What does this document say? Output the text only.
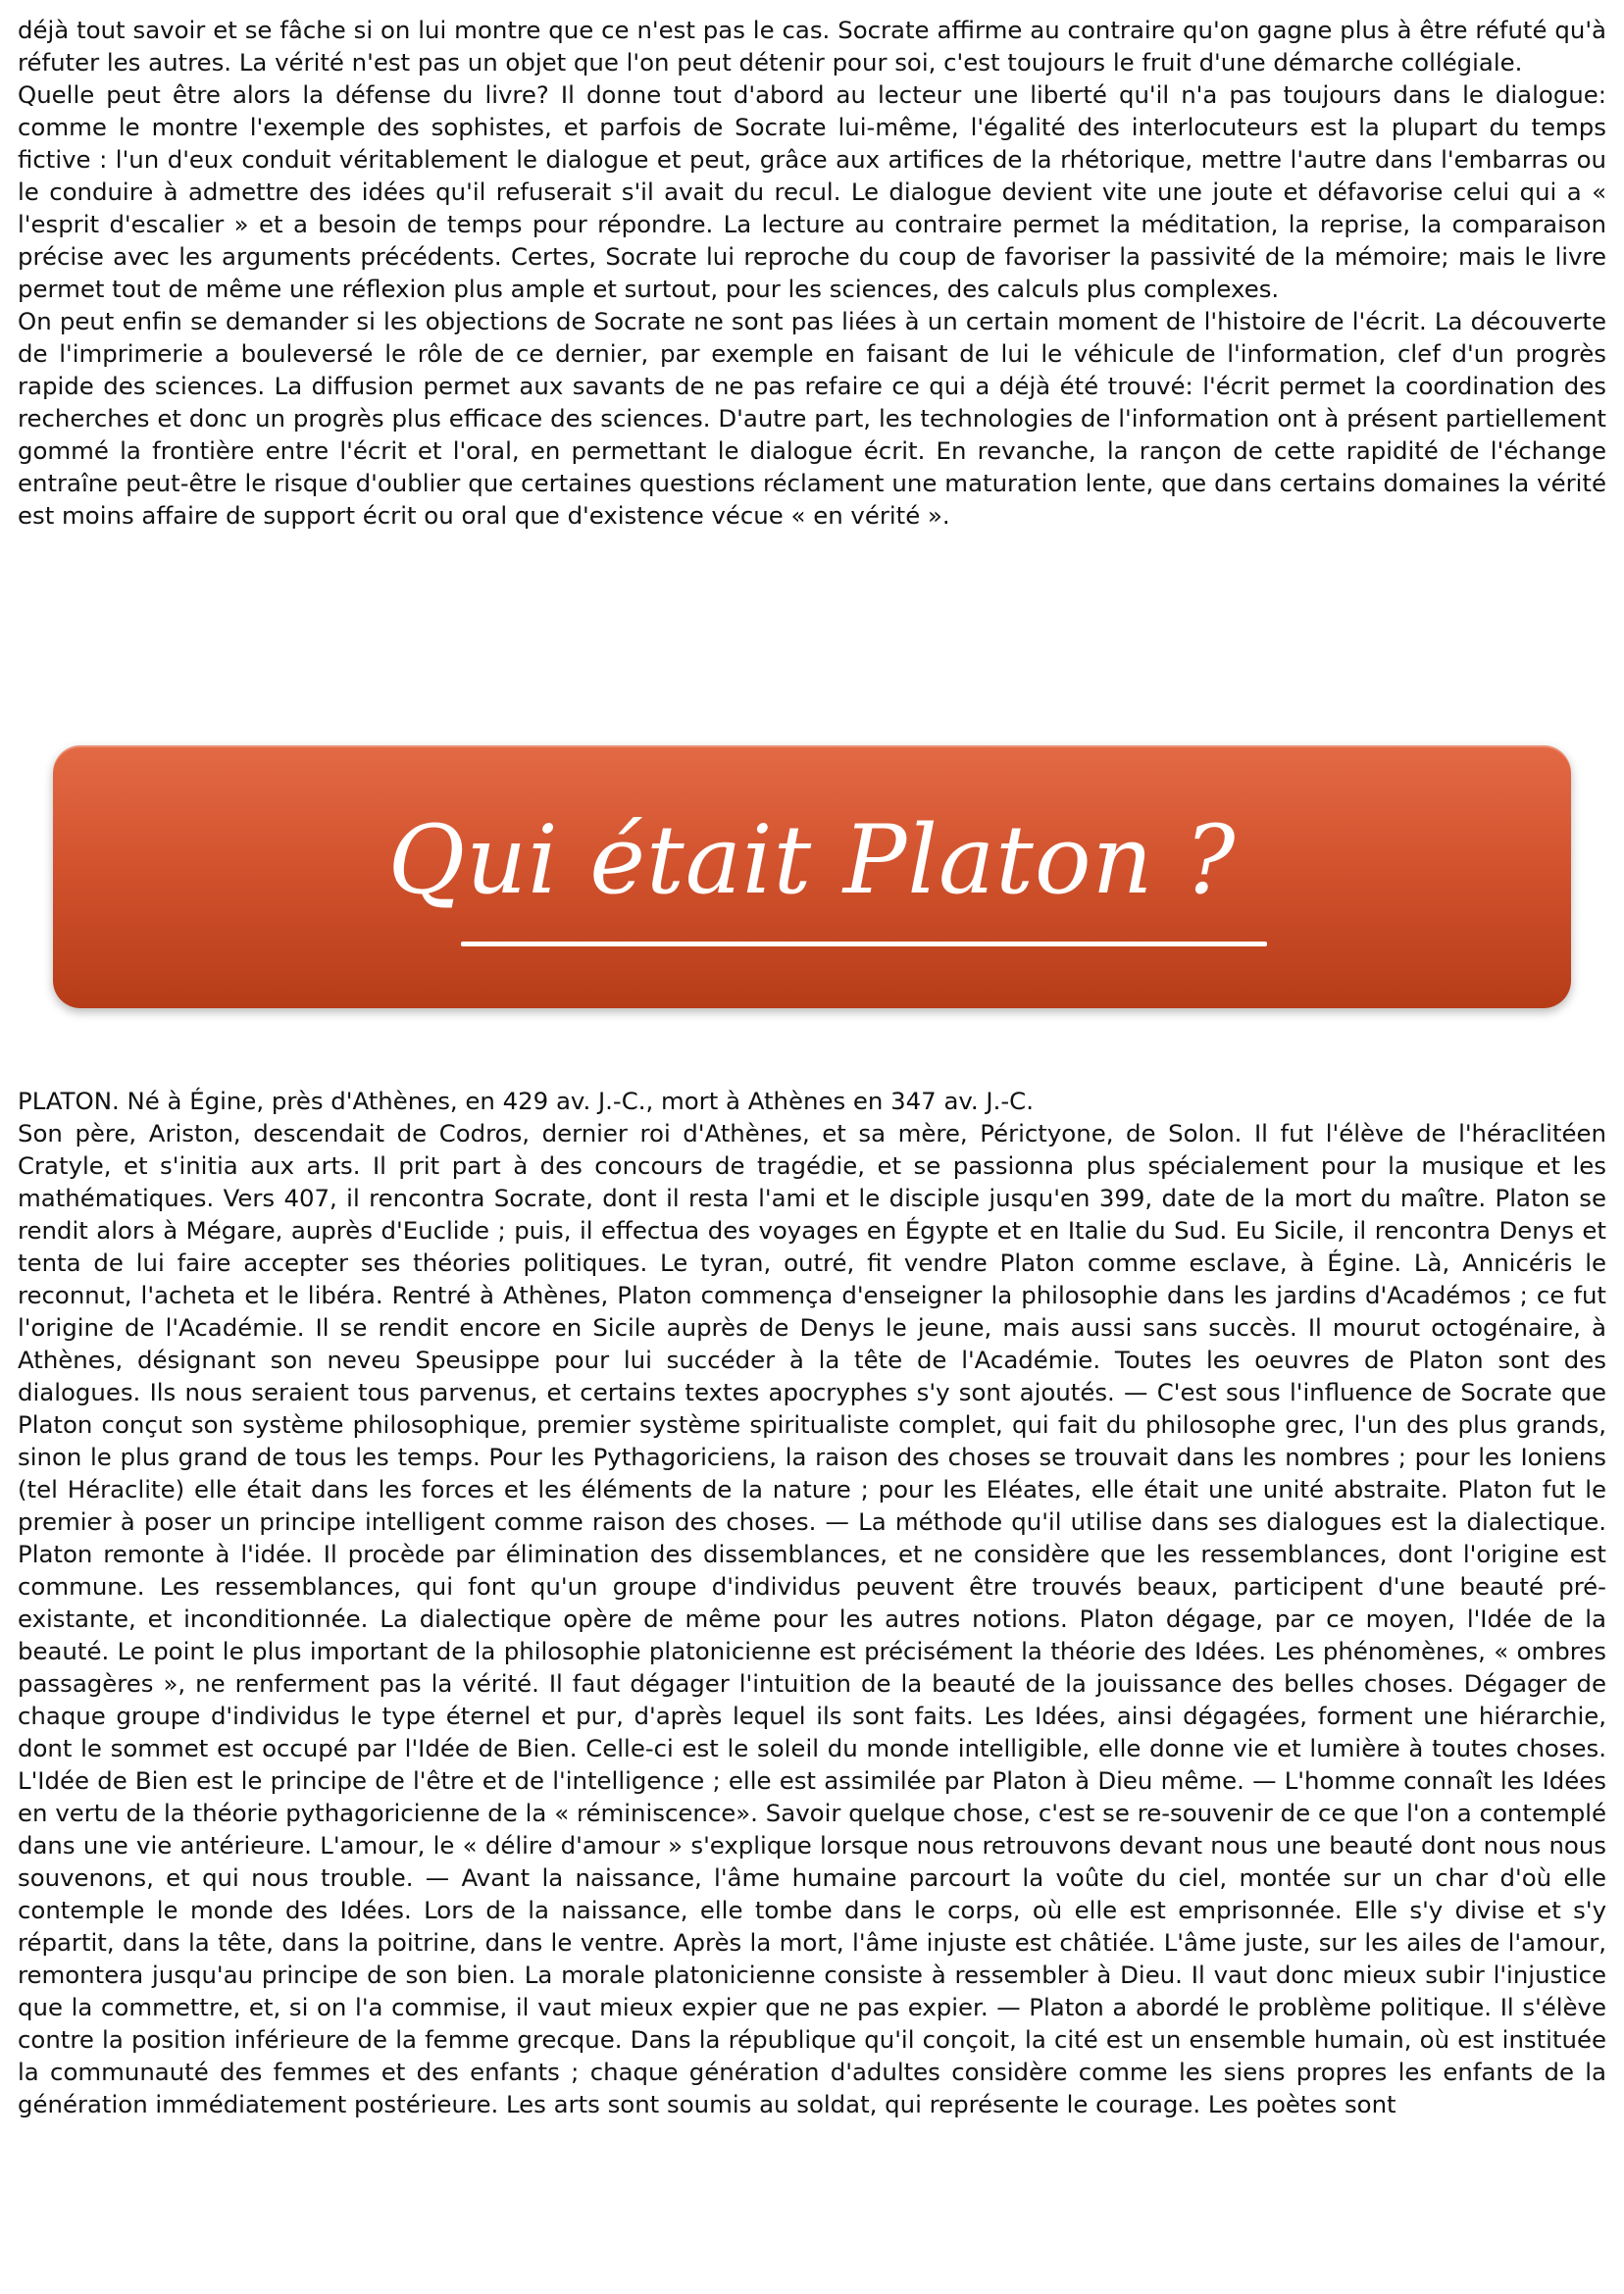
déjà tout savoir et se fâche si on lui montre que ce n'est pas le cas. Socrate affirme au contraire qu'on gagne plus à être réfuté qu'à réfuter les autres. La vérité n'est pas un objet que l'on peut détenir pour soi, c'est toujours le fruit d'une démarche collégiale.

Quelle peut être alors la défense du livre? Il donne tout d'abord au lecteur une liberté qu'il n'a pas toujours dans le dialogue: comme le montre l'exemple des sophistes, et parfois de Socrate lui-même, l'égalité des interlocuteurs est la plupart du temps fictive : l'un d'eux conduit véritablement le dialogue et peut, grâce aux artifices de la rhétorique, mettre l'autre dans l'embarras ou le conduire à admettre des idées qu'il refuserait s'il avait du recul. Le dialogue devient vite une joute et défavorise celui qui a « l'esprit d'escalier » et a besoin de temps pour répondre. La lecture au contraire permet la méditation, la reprise, la comparaison précise avec les arguments précédents. Certes, Socrate lui reproche du coup de favoriser la passivité de la mémoire; mais le livre permet tout de même une réflexion plus ample et surtout, pour les sciences, des calculs plus complexes.

On peut enfin se demander si les objections de Socrate ne sont pas liées à un certain moment de l'histoire de l'écrit. La découverte de l'imprimerie a bouleversé le rôle de ce dernier, par exemple en faisant de lui le véhicule de l'information, clef d'un progrès rapide des sciences. La diffusion permet aux savants de ne pas refaire ce qui a déjà été trouvé: l'écrit permet la coordination des recherches et donc un progrès plus efficace des sciences. D'autre part, les technologies de l'information ont à présent partiellement gommé la frontière entre l'écrit et l'oral, en permettant le dialogue écrit. En revanche, la rançon de cette rapidité de l'échange entraîne peut-être le risque d'oublier que certaines questions réclament une maturation lente, que dans certains domaines la vérité est moins affaire de support écrit ou oral que d'existence vécue « en vérité ».

Qui était Platon ?

PLATON. Né à Égine, près d'Athènes, en 429 av. J.-C., mort à Athènes en 347 av. J.-C.

Son père, Ariston, descendait de Codros, dernier roi d'Athènes, et sa mère, Périctyone, de Solon. Il fut l'élève de l'héraclitéen Cratyle, et s'initia aux arts. Il prit part à des concours de tragédie, et se passionna plus spécialement pour la musique et les mathématiques. Vers 407, il rencontra Socrate, dont il resta l'ami et le disciple jusqu'en 399, date de la mort du maître. Platon se rendit alors à Mégare, auprès d'Euclide ; puis, il effectua des voyages en Égypte et en Italie du Sud. Eu Sicile, il rencontra Denys et tenta de lui faire accepter ses théories politiques. Le tyran, outré, fit vendre Platon comme esclave, à Égine. Là, Annicéris le reconnut, l'acheta et le libéra. Rentré à Athènes, Platon commença d'enseigner la philosophie dans les jardins d'Académos ; ce fut l'origine de l'Académie. Il se rendit encore en Sicile auprès de Denys le jeune, mais aussi sans succès. Il mourut octogénaire, à Athènes, désignant son neveu Speusippe pour lui succéder à la tête de l'Académie. Toutes les oeuvres de Platon sont des dialogues. Ils nous seraient tous parvenus, et certains textes apocryphes s'y sont ajoutés. — C'est sous l'influence de Socrate que Platon conçut son système philosophique, premier système spiritualiste complet, qui fait du philosophe grec, l'un des plus grands, sinon le plus grand de tous les temps. Pour les Pythagoriciens, la raison des choses se trouvait dans les nombres ; pour les Ioniens (tel Héraclite) elle était dans les forces et les éléments de la nature ; pour les Eléates, elle était une unité abstraite. Platon fut le premier à poser un principe intelligent comme raison des choses. — La méthode qu'il utilise dans ses dialogues est la dialectique. Platon remonte à l'idée. Il procède par élimination des dissemblances, et ne considère que les ressemblances, dont l'origine est commune. Les ressemblances, qui font qu'un groupe d'individus peuvent être trouvés beaux, participent d'une beauté pré-existante, et inconditionnée. La dialectique opère de même pour les autres notions. Platon dégage, par ce moyen, l'Idée de la beauté. Le point le plus important de la philosophie platonicienne est précisément la théorie des Idées. Les phénomènes, « ombres passagères », ne renferment pas la vérité. Il faut dégager l'intuition de la beauté de la jouissance des belles choses. Dégager de chaque groupe d'individus le type éternel et pur, d'après lequel ils sont faits. Les Idées, ainsi dégagées, forment une hiérarchie, dont le sommet est occupé par l'Idée de Bien. Celle-ci est le soleil du monde intelligible, elle donne vie et lumière à toutes choses. L'Idée de Bien est le principe de l'être et de l'intelligence ; elle est assimilée par Platon à Dieu même. — L'homme connaît les Idées en vertu de la théorie pythagoricienne de la « réminiscence». Savoir quelque chose, c'est se re-souvenir de ce que l'on a contemplé dans une vie antérieure. L'amour, le « délire d'amour » s'explique lorsque nous retrouvons devant nous une beauté dont nous nous souvenons, et qui nous trouble. — Avant la naissance, l'âme humaine parcourt la voûte du ciel, montée sur un char d'où elle contemple le monde des Idées. Lors de la naissance, elle tombe dans le corps, où elle est emprisonnée. Elle s'y divise et s'y répartit, dans la tête, dans la poitrine, dans le ventre. Après la mort, l'âme injuste est châtiée. L'âme juste, sur les ailes de l'amour, remontera jusqu'au principe de son bien. La morale platonicienne consiste à ressembler à Dieu. Il vaut donc mieux subir l'injustice que la commettre, et, si on l'a commise, il vaut mieux expier que ne pas expier. — Platon a abordé le problème politique. Il s'élève contre la position inférieure de la femme grecque. Dans la république qu'il conçoit, la cité est un ensemble humain, où est instituée la communauté des femmes et des enfants ; chaque génération d'adultes considère comme les siens propres les enfants de la génération immédiatement postérieure. Les arts sont soumis au soldat, qui représente le courage. Les poètes sont
